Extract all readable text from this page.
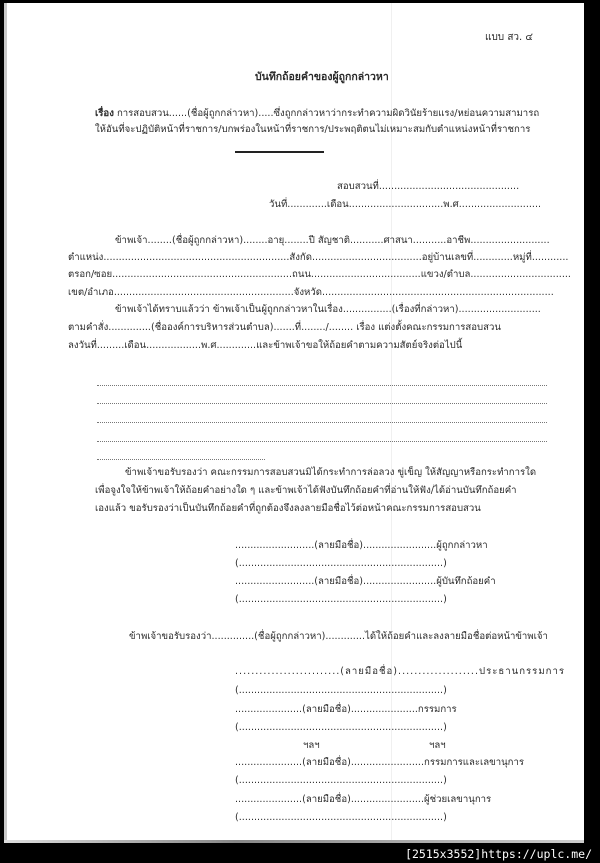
แบบ สว. ๔
บันทึกถ้อยคำของผู้ถูกกล่าวหา
เรื่อง การสอบสวน......(ชื่อผู้ถูกกล่าวหา).....ซึ่งถูกกล่าวหาว่ากระทำความผิดวินัยร้ายแรง/หย่อนความสามารถ
ให้อันที่จะปฏิบัติหน้าที่ราชการ/บกพร่องในหน้าที่ราชการ/ประพฤติตนไม่เหมาะสมกับตำแหน่งหน้าที่ราชการ
สอบสวนที่..............................................
วันที่.............เดือน...............................พ.ศ...........................
ข้าพเจ้า........(ชื่อผู้ถูกกล่าวหา)........อายุ........ปี สัญชาติ...........ศาสนา...........อาชีพ..........................
ตำแหน่ง.............................................................สังกัด....................................อยู่บ้านเลขที่.............หมู่ที่............
ตรอก/ซอย...........................................................ถนน....................................แขวง/ตำบล.................................
เขต/อำเภอ...........................................................จังหวัด............................................................................
ข้าพเจ้าได้ทราบแล้วว่า ข้าพเจ้าเป็นผู้ถูกกล่าวหาในเรื่อง................(เรื่องที่กล่าวหา)...........................
ตามคำสั่ง..............(ชื่อองค์การบริหารส่วนตำบล).......ที่......../........ เรื่อง แต่งตั้งคณะกรรมการสอบสวน
ลงวันที่.........เดือน..................พ.ศ.............และข้าพเจ้าขอให้ถ้อยคำตามความสัตย์จริงต่อไปนี้
ข้าพเจ้าขอรับรองว่า คณะกรรมการสอบสวนมิได้กระทำการล่อลวง ขู่เข็ญ ให้สัญญาหรือกระทำการใด
เพื่อจูงใจให้ข้าพเจ้าให้ถ้อยคำอย่างใด ๆ และข้าพเจ้าได้ฟังบันทึกถ้อยคำที่อ่านให้ฟัง/ได้อ่านบันทึกถ้อยคำ
เองแล้ว ขอรับรองว่าเป็นบันทึกถ้อยคำที่ถูกต้องจึงลงลายมือชื่อไว้ต่อหน้าคณะกรรมการสอบสวน
..........................(ลายมือชื่อ)........................ผู้ถูกกล่าวหา
(...................................................................)
..........................(ลายมือชื่อ)........................ผู้บันทึกถ้อยคำ
(...................................................................)
ข้าพเจ้าขอรับรองว่า..............(ชื่อผู้ถูกกล่าวหา).............ได้ให้ถ้อยคำและลงลายมือชื่อต่อหน้าข้าพเจ้า
..........................(ลายมือชื่อ)....................ประธานกรรมการ
(...................................................................)
......................(ลายมือชื่อ)......................กรรมการ
(...................................................................)
ฯลฯ	ฯลฯ
......................(ลายมือชื่อ)........................กรรมการและเลขานุการ
(...................................................................)
......................(ลายมือชื่อ)........................ผู้ช่วยเลขานุการ
(...................................................................)
[2515x3552]https://uplc.me/
